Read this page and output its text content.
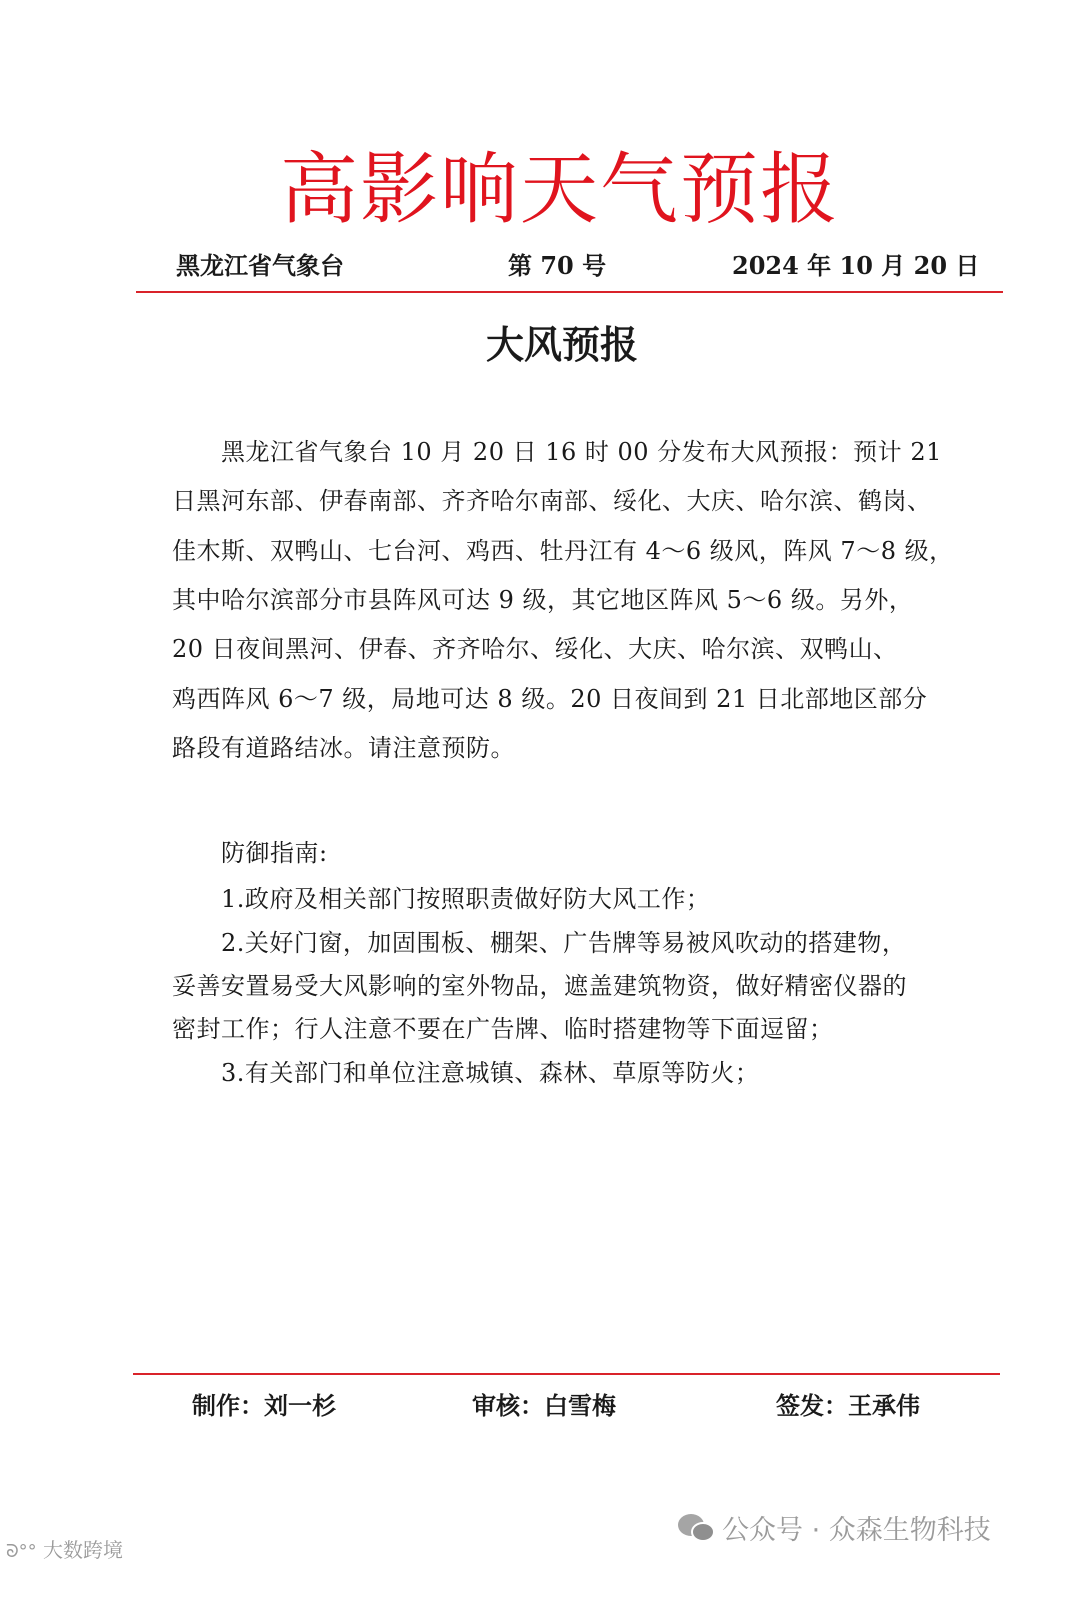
高影响天气预报
黑龙江省气象台	第 70 号	2024 年 10 月 20 日
大风预报
　　黑龙江省气象台 10 月 20 日 16 时 00 分发布大风预报：预计 21
日黑河东部、伊春南部、齐齐哈尔南部、绥化、大庆、哈尔滨、鹤岗、
佳木斯、双鸭山、七台河、鸡西、牡丹江有 4～6 级风，阵风 7～8 级，
其中哈尔滨部分市县阵风可达 9 级，其它地区阵风 5～6 级。另外，
20 日夜间黑河、伊春、齐齐哈尔、绥化、大庆、哈尔滨、双鸭山、
鸡西阵风 6～7 级，局地可达 8 级。20 日夜间到 21 日北部地区部分
路段有道路结冰。请注意预防。
　　防御指南:
　　1.政府及相关部门按照职责做好防大风工作；
　　2.关好门窗，加固围板、棚架、广告牌等易被风吹动的搭建物，
妥善安置易受大风影响的室外物品，遮盖建筑物资，做好精密仪器的
密封工作；行人注意不要在广告牌、临时搭建物等下面逗留；
　　3.有关部门和单位注意城镇、森林、草原等防火；
制作：刘一杉	审核：白雪梅	签发：王承伟
ᘐ°° 大数跨境
公众号 · 众森生物科技
